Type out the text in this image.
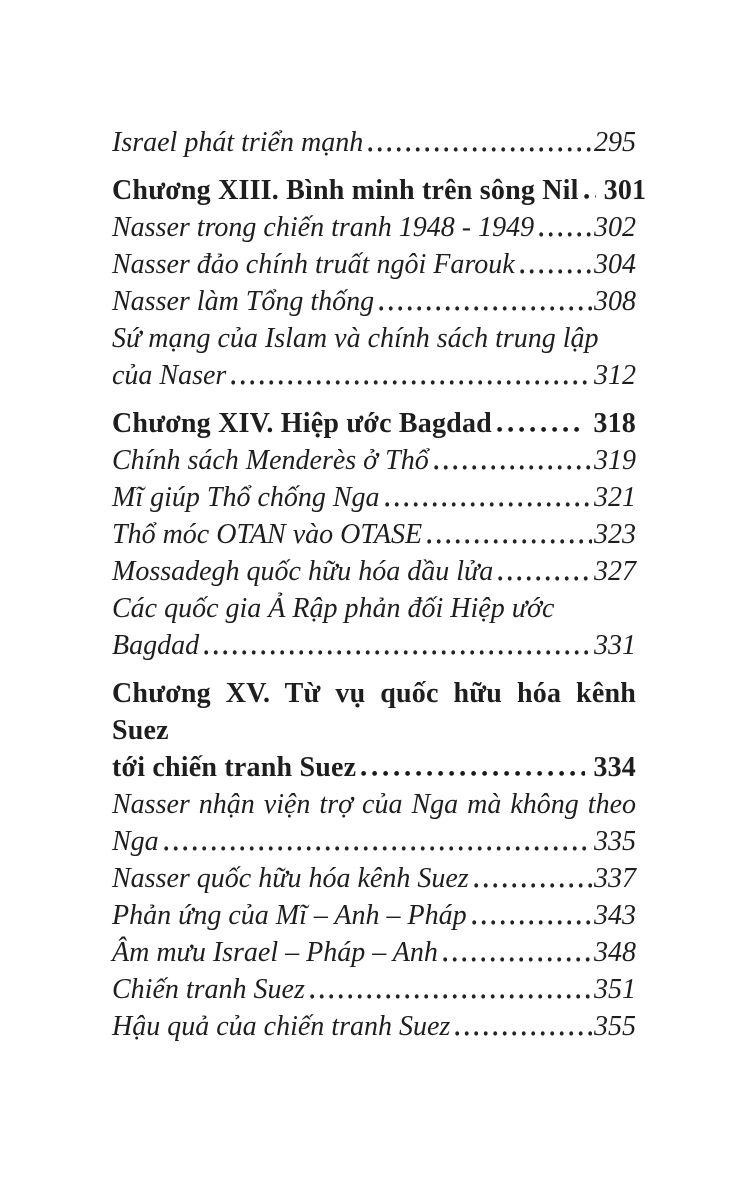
Israel phát triển mạnh	295
Chương XIII. Bình minh trên sông Nil 301
Nasser trong chiến tranh 1948 - 1949 302
Nasser đảo chính truất ngôi Farouk	304
Nasser làm Tổng thống	308
Sứ mạng của Islam và chính sách trung lập
của Naser	312
Chương XIV. Hiệp ước Bagdad	318
Chính sách Menderès ở Thổ	319
Mĩ giúp Thổ chống Nga	321
Thổ móc OTAN vào OTASE	323
Mossadegh quốc hữu hóa dầu lửa	327
Các quốc gia Ả Rập phản đối Hiệp ước
Bagdad	331
Chương XV. Từ vụ quốc hữu hóa kênh Suez
tới chiến tranh Suez	334
Nasser nhận viện trợ của Nga mà không theo
Nga	335
Nasser quốc hữu hóa kênh Suez	337
Phản ứng của Mĩ – Anh – Pháp	343
Âm mưu Israel – Pháp – Anh	348
Chiến tranh Suez	351
Hậu quả của chiến tranh Suez	355
